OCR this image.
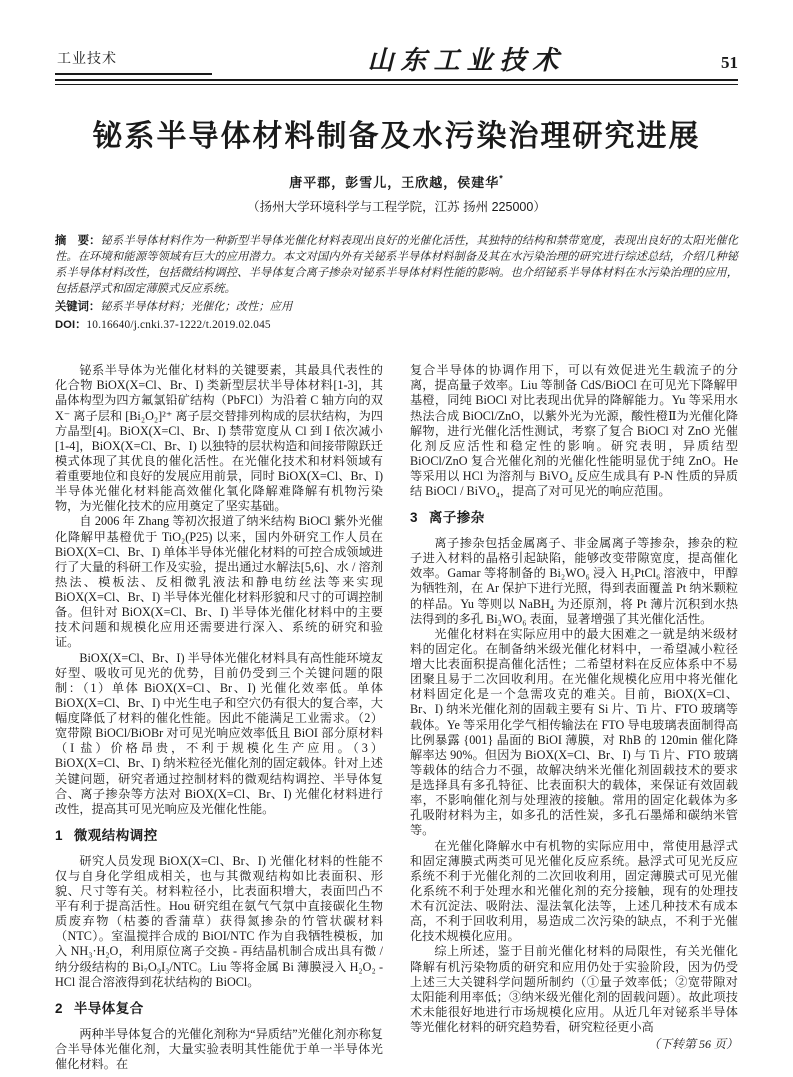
工业技术	山东工业技术	51
铋系半导体材料制备及水污染治理研究进展
唐平郡，彭雪儿，王欣越，侯建华*
（扬州大学环境科学与工程学院，江苏 扬州 225000）
摘　要：铋系半导体材料作为一种新型半导体光催化材料表现出良好的光催化活性，其独特的结构和禁带宽度，表现出良好的太阳光催化性。在环境和能源等领域有巨大的应用潜力。本文对国内外有关铋系半导体材料制备及其在水污染治理的研究进行综述总结，介绍几种铋系半导体材料改性，包括微结构调控、半导体复合离子掺杂对铋系半导体材料性能的影响。也介绍铋系半导体材料在水污染治理的应用，包括悬浮式和固定薄膜式反应系统。
关键词：铋系半导体材料；光催化；改性；应用
DOI：10.16640/j.cnki.37-1222/t.2019.02.045

铋系半导体为光催化材料的关键要素，其最具代表性的化合物 BiOX(X=Cl、Br、I) 类新型层状半导体材料[1-3]，其晶体构型为四方氟氯铅矿结构（PbFCl）为沿着 C 轴方向的双 X⁻ 离子层和 [Bi₂O₂]²⁺ 离子层交替排列构成的层状结构，为四方晶型[4]。BiOX(X=Cl、Br、I) 禁带宽度从 Cl 到 I 依次减小[1-4]，BiOX(X=Cl、Br、I) 以独特的层状构造和间接带隙跃迁模式体现了其优良的催化活性。在光催化技术和材料领域有着重要地位和良好的发展应用前景，同时 BiOX(X=Cl、Br、I) 半导体光催化材料能高效催化氧化降解难降解有机物污染物，为光催化技术的应用奠定了坚实基础。

自 2006 年 Zhang 等初次报道了纳米结构 BiOCl 紫外光催化降解甲基橙优于 TiO₂(P25) 以来，国内外研究工作人员在 BiOX(X=Cl、Br、I) 单体半导体光催化材料的可控合成领域进行了大量的科研工作及实验，提出通过水解法[5,6]、水 / 溶剂热法、模板法、反相微乳液法和静电纺丝法等来实现 BiOX(X=Cl、Br、I) 半导体光催化材料形貌和尺寸的可调控制备。但针对 BiOX(X=Cl、Br、I) 半导体光催化材料中的主要技术问题和规模化应用还需要进行深入、系统的研究和验证。

BiOX(X=Cl、Br、I) 半导体光催化材料具有高性能环境友好型、吸收可见光的优势，目前仍受到三个关键问题的限制：（1）单体 BiOX(X=Cl、Br、I) 光催化效率低。单体 BiOX(X=Cl、Br、I) 中光生电子和空穴仍有很大的复合率，大幅度降低了材料的催化性能。因此不能满足工业需求。（2）宽带隙 BiOCl/BiOBr 对可见光响应效率低且 BiOI 部分原材料（I 盐）价格昂贵，不利于规模化生产应用。（3）BiOX(X=Cl、Br、I) 纳米粒径光催化剂的固定载体。针对上述关键问题，研究者通过控制材料的微观结构调控、半导体复合、离子掺杂等方法对 BiOX(X=Cl、Br、I) 光催化材料进行改性，提高其可见光响应及光催化性能。

1 微观结构调控

研究人员发现 BiOX(X=Cl、Br、I) 光催化材料的性能不仅与自身化学组成相关，也与其微观结构如比表面积、形貌、尺寸等有关。材料粒径小，比表面积增大，表面凹凸不平有利于提高活性。Hou 研究组在氨气气氛中直接碳化生物质废弃物（枯萎的香蒲草）获得氮掺杂的竹管状碳材料（NTC）。室温搅拌合成的 BiOI/NTC 作为自我牺牲模板，加入 NH₃·H₂O，利用原位离子交换 - 再结晶机制合成出具有微 / 纳分级结构的 Bi₇O₉I₃/NTC。Liu 等将金属 Bi 薄膜浸入 H₂O₂ - HCl 混合溶液得到花状结构的 BiOCl。

2 半导体复合

两种半导体复合的光催化剂称为“异质结”光催化剂亦称复合半导体光催化剂，大量实验表明其性能优于单一半导体光催化材料。在

复合半导体的协调作用下，可以有效促进光生载流子的分离，提高量子效率。Liu 等制备 CdS/BiOCl 在可见光下降解甲基橙，同纯 BiOCl 对比表现出优异的降解能力。Yu 等采用水热法合成 BiOCl/ZnO，以紫外光为光源，酸性橙Ⅱ为光催化降解物，进行光催化活性测试，考察了复合 BiOCl 对 ZnO 光催化剂反应活性和稳定性的影响。研究表明，异质结型 BiOCl/ZnO 复合光催化剂的光催化性能明显优于纯 ZnO。He 等采用以 HCl 为溶剂与 BiVO₄ 反应生成具有 P-N 性质的异质结 BiOCl / BiVO₄，提高了对可见光的响应范围。

3 离子掺杂

离子掺杂包括金属离子、非金属离子等掺杂，掺杂的粒子进入材料的晶格引起缺陷，能够改变带隙宽度，提高催化效率。Gamar 等将制备的 Bi₂WO₆ 浸入 H₂PtCl₆ 溶液中，甲醇为牺牲剂，在 Ar 保护下进行光照，得到表面覆盖 Pt 纳米颗粒的样品。Yu 等则以 NaBH₄ 为还原剂，将 Pt 薄片沉积到水热法得到的多孔 Bi₂WO₆ 表面，显著增强了其光催化活性。

光催化材料在实际应用中的最大困难之一就是纳米级材料的固定化。在制备纳米级光催化材料中，一希望减小粒径增大比表面积提高催化活性；二希望材料在反应体系中不易团聚且易于二次回收利用。在光催化规模化应用中将光催化材料固定化是一个急需攻克的难关。目前，BiOX(X=Cl、Br、I) 纳米光催化剂的固载主要有 Si 片、Ti 片、FTO 玻璃等载体。Ye 等采用化学气相传输法在 FTO 导电玻璃表面制得高比例暴露 {001} 晶面的 BiOI 薄膜，对 RhB 的 120min 催化降解率达 90%。但因为 BiOX(X=Cl、Br、I) 与 Ti 片、FTO 玻璃等载体的结合力不强，故解决纳米光催化剂固载技术的要求是选择具有多孔特征、比表面积大的载体，来保证有效固载率，不影响催化剂与处理液的接触。常用的固定化载体为多孔吸附材料为主，如多孔的活性炭，多孔石墨烯和碳纳米管等。

在光催化降解水中有机物的实际应用中，常使用悬浮式和固定薄膜式两类可见光催化反应系统。悬浮式可见光反应系统不利于光催化剂的二次回收利用，固定薄膜式可见光催化系统不利于处理水和光催化剂的充分接触，现有的处理技术有沉淀法、吸附法、湿法氧化法等，上述几种技术有成本高，不利于回收利用，易造成二次污染的缺点，不利于光催化技术规模化应用。

综上所述，鉴于目前光催化材料的局限性，有关光催化降解有机污染物质的研究和应用仍处于实验阶段，因为仍受上述三大关键科学问题所制约（①量子效率低；②宽带隙对太阳能利用率低；③纳米级光催化剂的固载问题）。故此项技术未能很好地进行市场规模化应用。从近几年对铋系半导体等光催化材料的研究趋势看，研究粒径更小高

（下转第 56 页）
